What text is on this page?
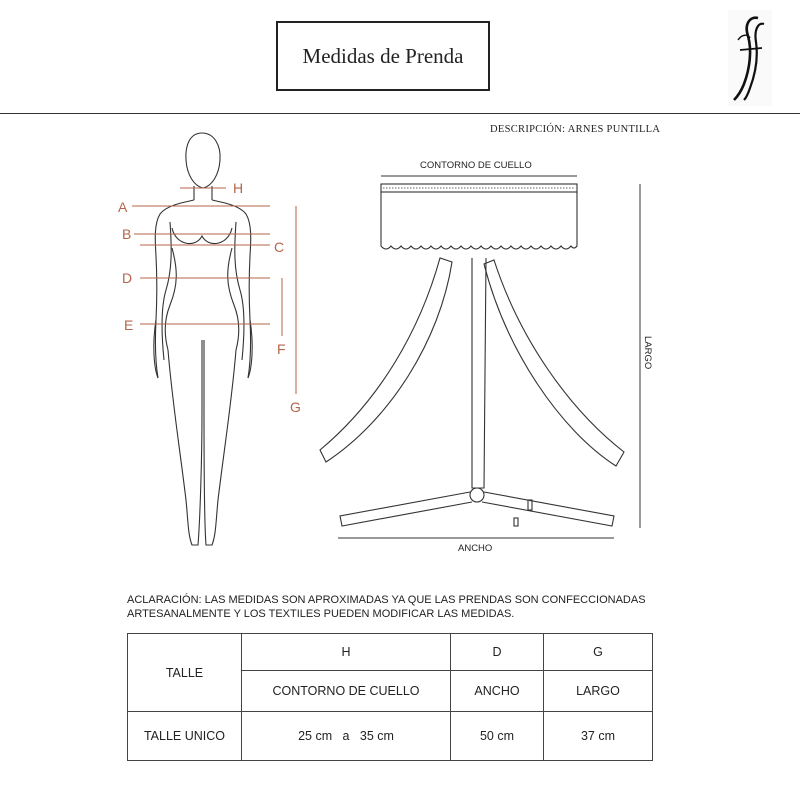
Medidas de Prenda
DESCRIPCIÓN: ARNES PUNTILLA
H
A
B
C
D
E
F
G
CONTORNO DE CUELLO
ANCHO
LARGO
ACLARACIÓN: LAS MEDIDAS SON APROXIMADAS YA QUE LAS PRENDAS SON CONFECCIONADAS ARTESANALMENTE Y LOS TEXTILES PUEDEN MODIFICAR LAS MEDIDAS.
TALLE	H	D	G
	CONTORNO DE CUELLO	ANCHO	LARGO
TALLE UNICO	25 cm   a   35 cm	50 cm	37 cm
